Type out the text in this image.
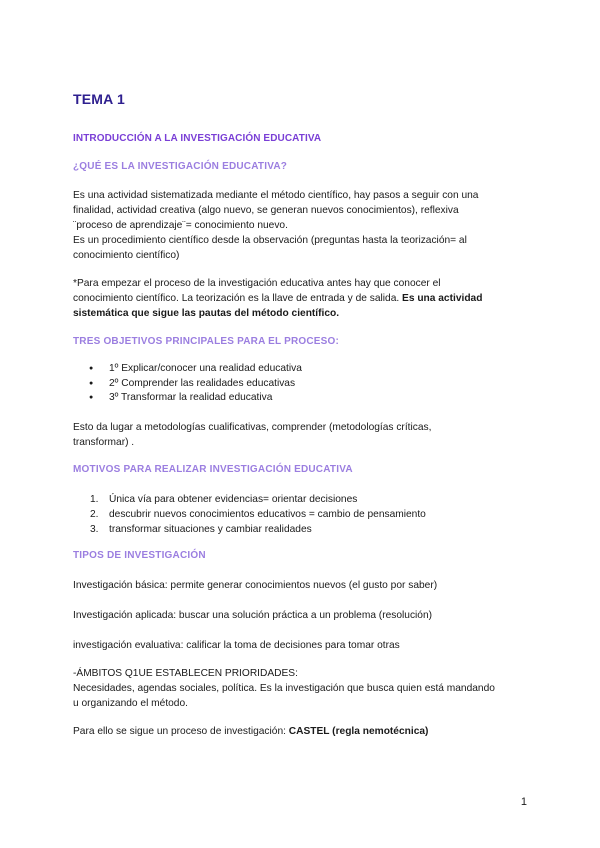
TEMA 1
INTRODUCCIÓN A LA INVESTIGACIÓN EDUCATIVA
¿QUÉ ES LA INVESTIGACIÓN EDUCATIVA?

Es una actividad sistematizada mediante el método científico, hay pasos a seguir con una

finalidad, actividad creativa (algo nuevo, se generan nuevos conocimientos), reflexiva

¨proceso de aprendizaje¨= conocimiento nuevo.

Es un procedimiento científico desde la observación (preguntas hasta la teorización= al

conocimiento científico)

*Para empezar el proceso de la investigación educativa antes hay que conocer el

conocimiento científico. La teorización es la llave de entrada y de salida. Es una actividad

sistemática que sigue las pautas del método científico.

TRES OBJETIVOS PRINCIPALES PARA EL PROCESO:
● 1º Explicar/conocer una realidad educativa
● 2º Comprender las realidades educativas
● 3º Transformar la realidad educativa

Esto da lugar a metodologías cualificativas, comprender (metodologías críticas,

transformar) .

MOTIVOS PARA REALIZAR INVESTIGACIÓN EDUCATIVA
1. Única vía para obtener evidencias= orientar decisiones
2. descubrir nuevos conocimientos educativos = cambio de pensamiento
3. transformar situaciones y cambiar realidades
TIPOS DE INVESTIGACIÓN

Investigación básica: permite generar conocimientos nuevos (el gusto por saber)

Investigación aplicada: buscar una solución práctica a un problema (resolución)

investigación evaluativa: calificar la toma de decisiones para tomar otras

-ÁMBITOS Q1UE ESTABLECEN PRIORIDADES:

Necesidades, agendas sociales, política. Es la investigación que busca quien está mandando

u organizando el método.

Para ello se sigue un proceso de investigación: CASTEL (regla nemotécnica)

1
